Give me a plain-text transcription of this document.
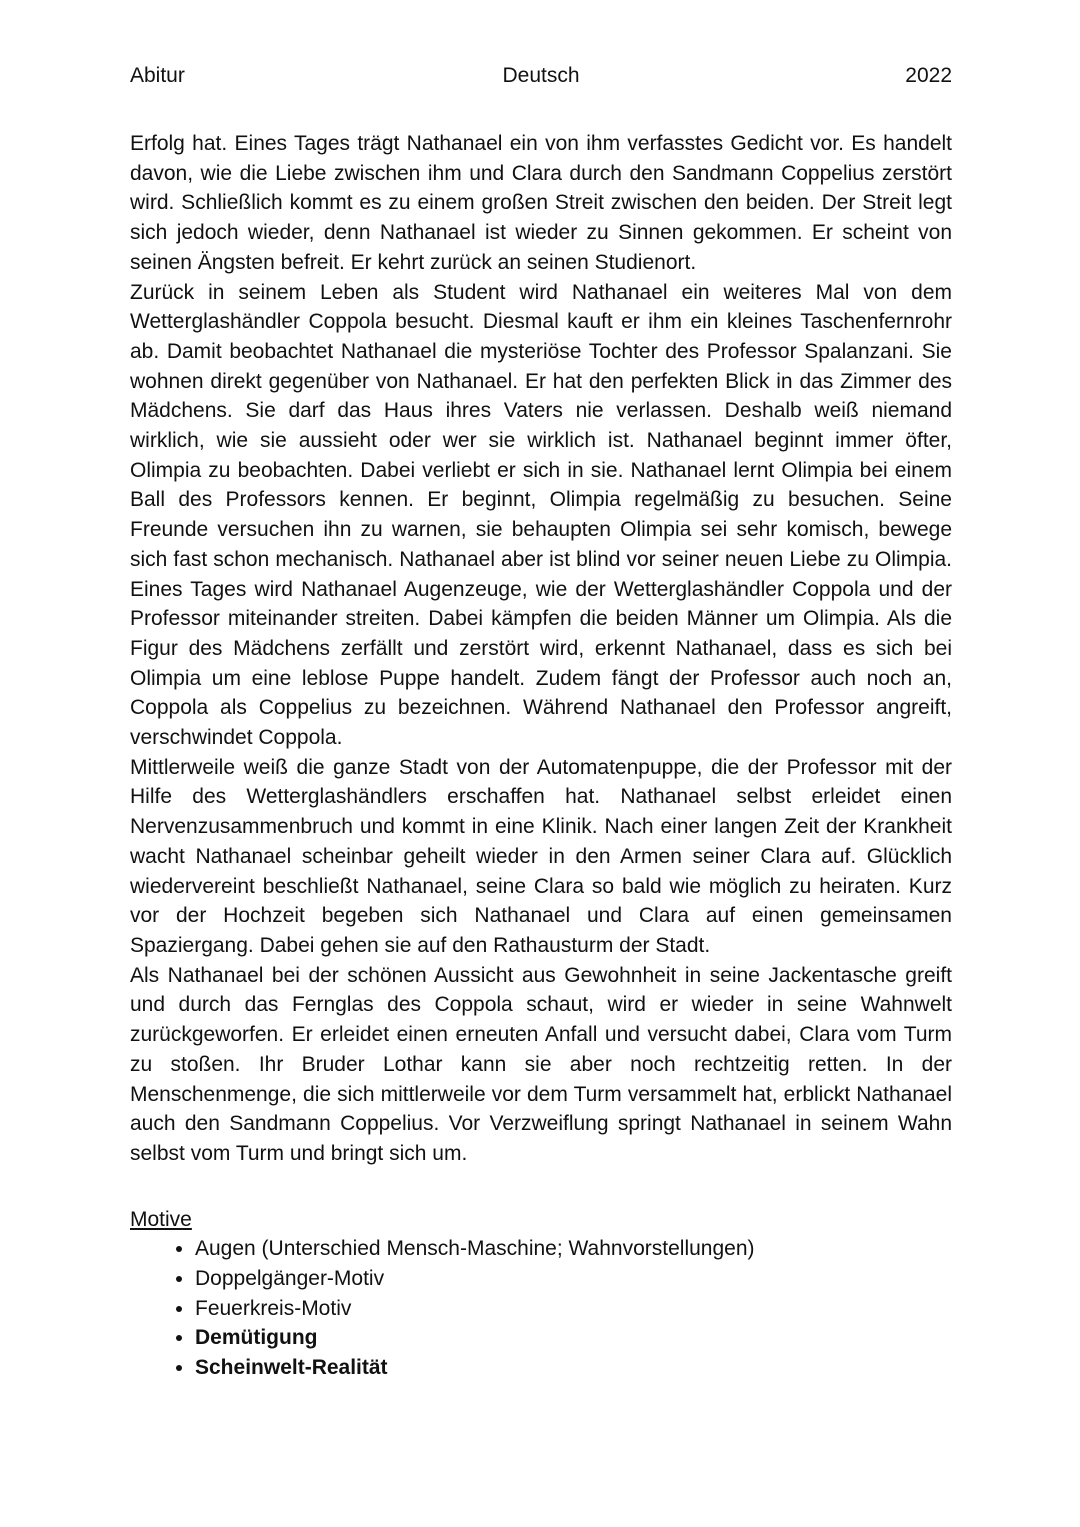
Abitur	Deutsch	2022

Erfolg hat. Eines Tages trägt Nathanael ein von ihm verfasstes Gedicht vor. Es handelt davon, wie die Liebe zwischen ihm und Clara durch den Sandmann Coppelius zerstört wird. Schließlich kommt es zu einem großen Streit zwischen den beiden. Der Streit legt sich jedoch wieder, denn Nathanael ist wieder zu Sinnen gekommen. Er scheint von seinen Ängsten befreit. Er kehrt zurück an seinen Studienort.

Zurück in seinem Leben als Student wird Nathanael ein weiteres Mal von dem Wetterglashändler Coppola besucht. Diesmal kauft er ihm ein kleines Taschenfernrohr ab. Damit beobachtet Nathanael die mysteriöse Tochter des Professor Spalanzani. Sie wohnen direkt gegenüber von Nathanael. Er hat den perfekten Blick in das Zimmer des Mädchens. Sie darf das Haus ihres Vaters nie verlassen. Deshalb weiß niemand wirklich, wie sie aussieht oder wer sie wirklich ist. Nathanael beginnt immer öfter, Olimpia zu beobachten. Dabei verliebt er sich in sie. Nathanael lernt Olimpia bei einem Ball des Professors kennen. Er beginnt, Olimpia regelmäßig zu besuchen. Seine Freunde versuchen ihn zu warnen, sie behaupten Olimpia sei sehr komisch, bewege sich fast schon mechanisch. Nathanael aber ist blind vor seiner neuen Liebe zu Olimpia. Eines Tages wird Nathanael Augenzeuge, wie der Wetterglashändler Coppola und der Professor miteinander streiten. Dabei kämpfen die beiden Männer um Olimpia. Als die Figur des Mädchens zerfällt und zerstört wird, erkennt Nathanael, dass es sich bei Olimpia um eine leblose Puppe handelt. Zudem fängt der Professor auch noch an, Coppola als Coppelius zu bezeichnen. Während Nathanael den Professor angreift, verschwindet Coppola.

Mittlerweile weiß die ganze Stadt von der Automatenpuppe, die der Professor mit der Hilfe des Wetterglashändlers erschaffen hat. Nathanael selbst erleidet einen Nervenzusammenbruch und kommt in eine Klinik. Nach einer langen Zeit der Krankheit wacht Nathanael scheinbar geheilt wieder in den Armen seiner Clara auf. Glücklich wiedervereint beschließt Nathanael, seine Clara so bald wie möglich zu heiraten. Kurz vor der Hochzeit begeben sich Nathanael und Clara auf einen gemeinsamen Spaziergang. Dabei gehen sie auf den Rathausturm der Stadt.

Als Nathanael bei der schönen Aussicht aus Gewohnheit in seine Jackentasche greift und durch das Fernglas des Coppola schaut, wird er wieder in seine Wahnwelt zurückgeworfen. Er erleidet einen erneuten Anfall und versucht dabei, Clara vom Turm zu stoßen. Ihr Bruder Lothar kann sie aber noch rechtzeitig retten. In der Menschenmenge, die sich mittlerweile vor dem Turm versammelt hat, erblickt Nathanael auch den Sandmann Coppelius. Vor Verzweiflung springt Nathanael in seinem Wahn selbst vom Turm und bringt sich um.

Motive

• Augen (Unterschied Mensch-Maschine; Wahnvorstellungen)
• Doppelgänger-Motiv
• Feuerkreis-Motiv
• Demütigung
• Scheinwelt-Realität
